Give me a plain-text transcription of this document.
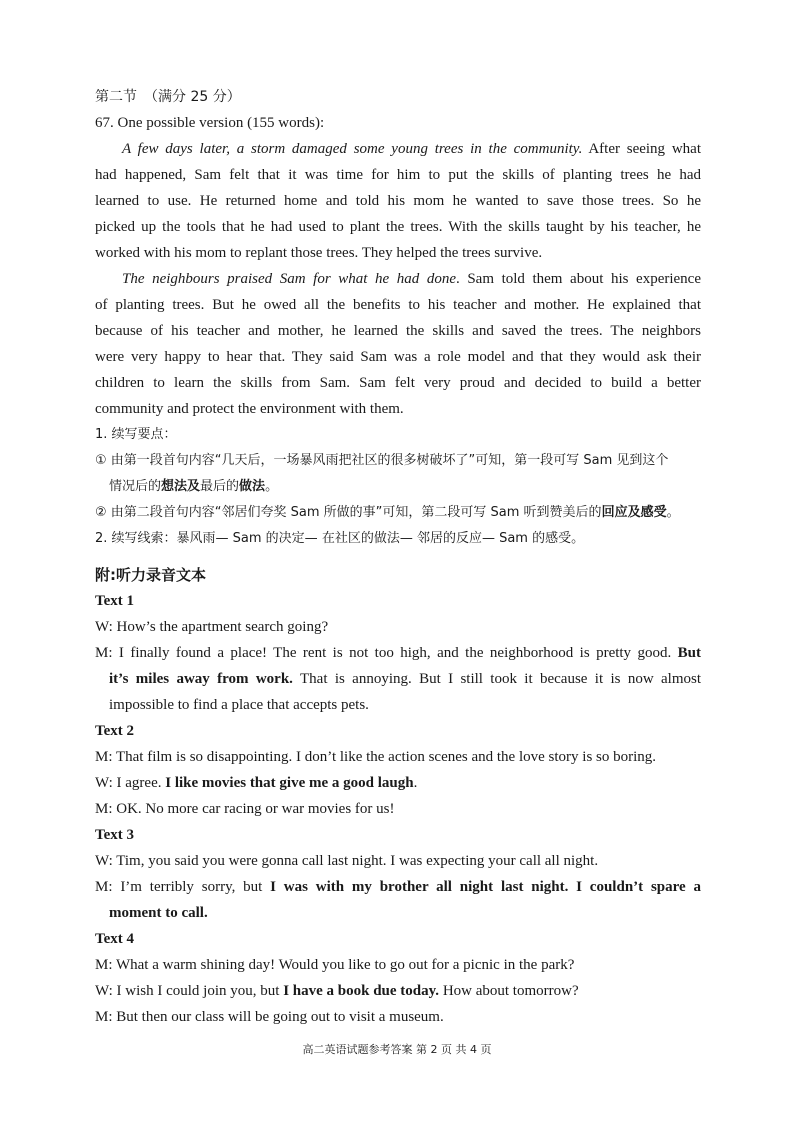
第二节　（满分 25 分）
67. One possible version (155 words):
A few days later, a storm damaged some young trees in the community. After seeing what
had happened, Sam felt that it was time for him to put the skills of planting trees he had
learned to use. He returned home and told his mom he wanted to save those trees. So he
picked up the tools that he had used to plant the trees. With the skills taught by his teacher, he
worked with his mom to replant those trees. They helped the trees survive.
The neighbours praised Sam for what he had done. Sam told them about his experience
of planting trees. But he owed all the benefits to his teacher and mother. He explained that
because of his teacher and mother, he learned the skills and saved the trees. The neighbors
were very happy to hear that. They said Sam was a role model and that they would ask their
children to learn the skills from Sam. Sam felt very proud and decided to build a better
community and protect the environment with them.
1. 续写要点：
① 由第一段首句内容“几天后，一场暴风雨把社区的很多树破坏了”可知，第一段可写 Sam 见到这个
情况后的想法及最后的做法。
② 由第二段首句内容“邻居们夸奖 Sam 所做的事”可知，第二段可写 Sam 听到赞美后的回应及感受。
2. 续写线索：暴风雨— Sam 的决定— 在社区的做法— 邻居的反应— Sam 的感受。
附:听力录音文本
Text 1
W: How’s the apartment search going?
M: I finally found a place! The rent is not too high, and the neighborhood is pretty good. But
it’s miles away from work. That is annoying. But I still took it because it is now almost
impossible to find a place that accepts pets.
Text 2
M: That film is so disappointing. I don’t like the action scenes and the love story is so boring.
W: I agree. I like movies that give me a good laugh.
M: OK. No more car racing or war movies for us!
Text 3
W: Tim, you said you were gonna call last night. I was expecting your call all night.
M: I’m terribly sorry, but I was with my brother all night last night. I couldn’t spare a
moment to call.
Text 4
M: What a warm shining day! Would you like to go out for a picnic in the park?
W: I wish I could join you, but I have a book due today. How about tomorrow?
M: But then our class will be going out to visit a museum.
高二英语试题参考答案 第 2 页 共 4 页
